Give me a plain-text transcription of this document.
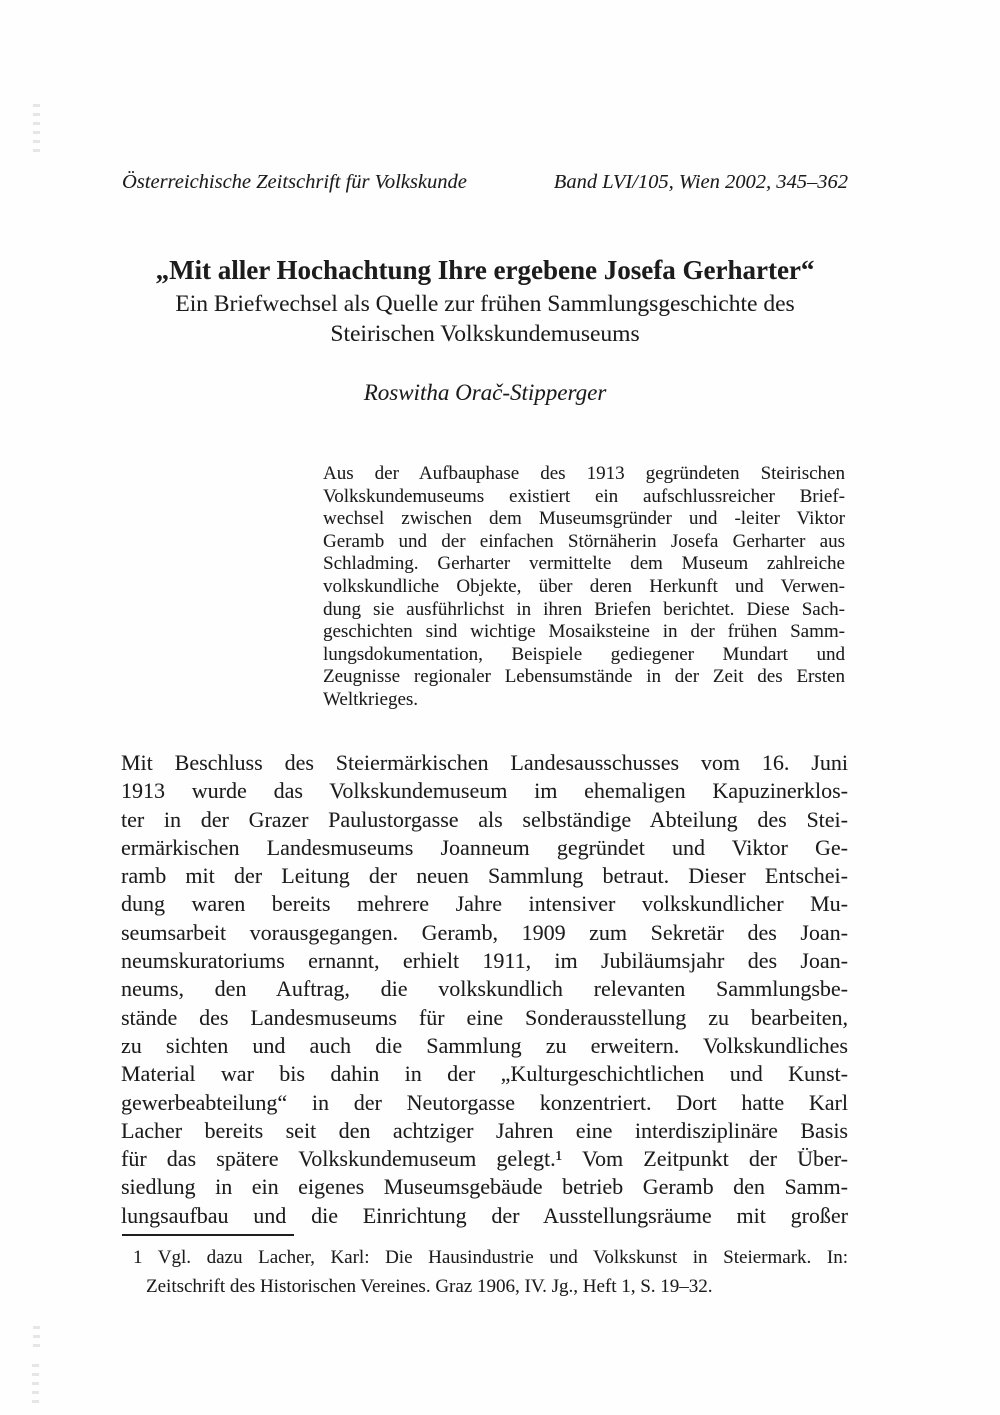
Österreichische Zeitschrift für Volkskunde	Band LVI/105, Wien 2002, 345–362
„Mit aller Hochachtung Ihre ergebene Josefa Gerharter“
Ein Briefwechsel als Quelle zur frühen Sammlungsgeschichte des
Steirischen Volkskundemuseums
Roswitha Orač-Stipperger
Aus der Aufbauphase des 1913 gegründeten Steirischen
Volkskundemuseums existiert ein aufschlussreicher Brief-
wechsel zwischen dem Museumsgründer und -leiter Viktor
Geramb und der einfachen Störnäherin Josefa Gerharter aus
Schladming. Gerharter vermittelte dem Museum zahlreiche
volkskundliche Objekte, über deren Herkunft und Verwen-
dung sie ausführlichst in ihren Briefen berichtet. Diese Sach-
geschichten sind wichtige Mosaiksteine in der frühen Samm-
lungsdokumentation, Beispiele gediegener Mundart und
Zeugnisse regionaler Lebensumstände in der Zeit des Ersten
Weltkrieges.
Mit Beschluss des Steiermärkischen Landesausschusses vom 16. Juni
1913 wurde das Volkskundemuseum im ehemaligen Kapuzinerklos-
ter in der Grazer Paulustorgasse als selbständige Abteilung des Stei-
ermärkischen Landesmuseums Joanneum gegründet und Viktor Ge-
ramb mit der Leitung der neuen Sammlung betraut. Dieser Entschei-
dung waren bereits mehrere Jahre intensiver volkskundlicher Mu-
seumsarbeit vorausgegangen. Geramb, 1909 zum Sekretär des Joan-
neumskuratoriums ernannt, erhielt 1911, im Jubiläumsjahr des Joan-
neums, den Auftrag, die volkskundlich relevanten Sammlungsbe-
stände des Landesmuseums für eine Sonderausstellung zu bearbeiten,
zu sichten und auch die Sammlung zu erweitern. Volkskundliches
Material war bis dahin in der „Kulturgeschichtlichen und Kunst-
gewerbeabteilung“ in der Neutorgasse konzentriert. Dort hatte Karl
Lacher bereits seit den achtziger Jahren eine interdisziplinäre Basis
für das spätere Volkskundemuseum gelegt.¹ Vom Zeitpunkt der Über-
siedlung in ein eigenes Museumsgebäude betrieb Geramb den Samm-
lungsaufbau und die Einrichtung der Ausstellungsräume mit großer
1 Vgl. dazu Lacher, Karl: Die Hausindustrie und Volkskunst in Steiermark. In:
Zeitschrift des Historischen Vereines. Graz 1906, IV. Jg., Heft 1, S. 19–32.
